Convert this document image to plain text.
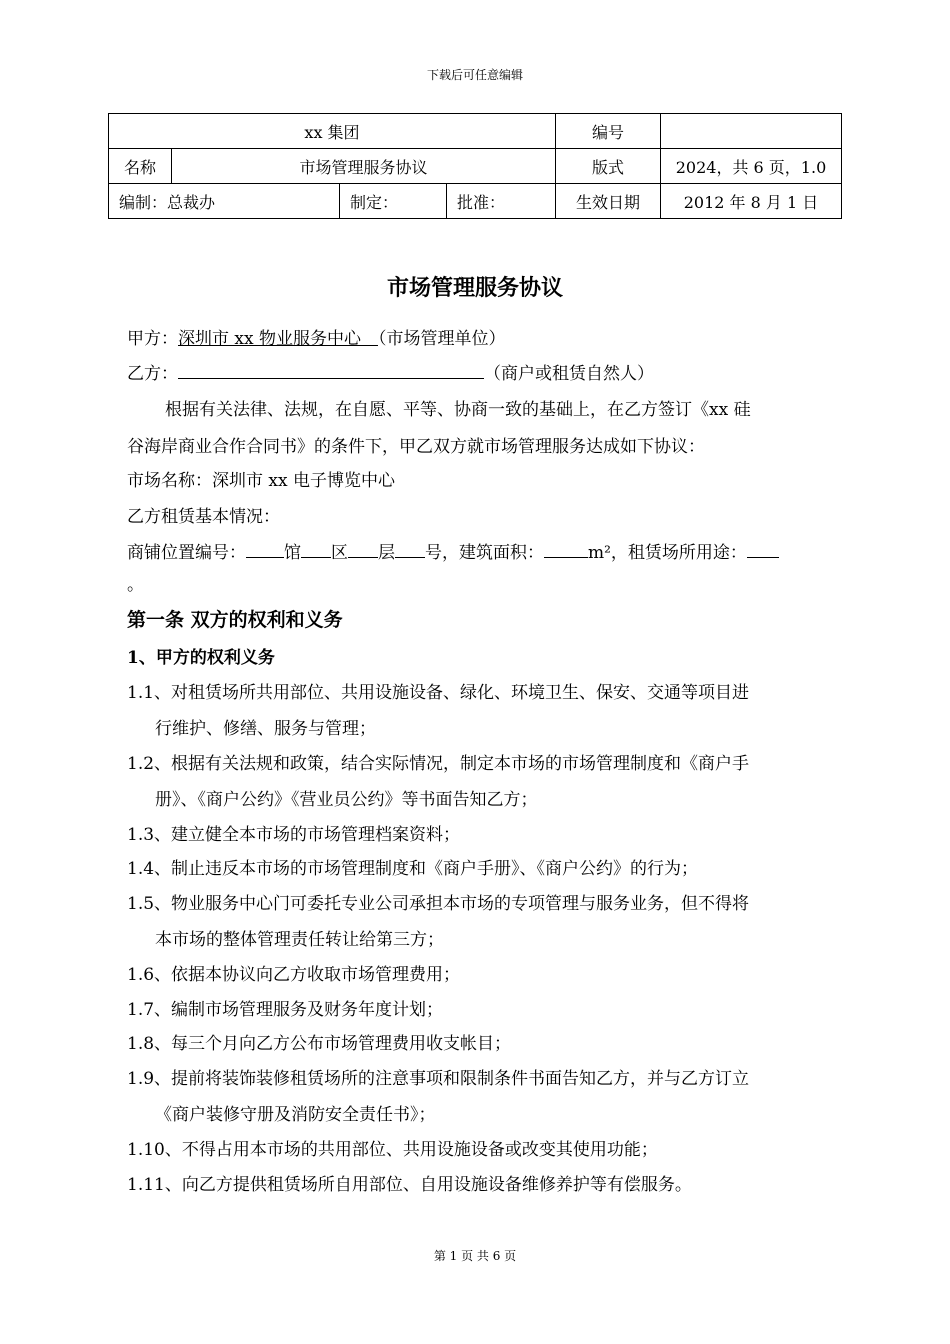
下载后可任意编辑
xx 集团				编号	
名称	市场管理服务协议			版式	2024，共 6 页，1.0
编制：总裁办		制定：	批准：	生效日期	2012 年 8 月 1 日
市场管理服务协议
甲方：深圳市 xx 物业服务中心　（市场管理单位）
乙方：	（商户或租赁自然人）
根据有关法律、法规，在自愿、平等、协商一致的基础上，在乙方签订《xx 硅
谷海岸商业合作合同书》的条件下，甲乙双方就市场管理服务达成如下协议：
市场名称：深圳市 xx 电子博览中心
乙方租赁基本情况：
商铺位置编号： 馆 区 层 号，建筑面积：	m²，租赁场所用途：
。
第一条 双方的权利和义务
1、甲方的权利义务
1.1、对租赁场所共用部位、共用设施设备、绿化、环境卫生、保安、交通等项目进
行维护、修缮、服务与管理；
1.2、根据有关法规和政策，结合实际情况，制定本市场的市场管理制度和《商户手
册》、《商户公约》《营业员公约》等书面告知乙方；
1.3、建立健全本市场的市场管理档案资料；
1.4、制止违反本市场的市场管理制度和《商户手册》、《商户公约》的行为；
1.5、物业服务中心门可委托专业公司承担本市场的专项管理与服务业务，但不得将
本市场的整体管理责任转让给第三方；
1.6、依据本协议向乙方收取市场管理费用；
1.7、编制市场管理服务及财务年度计划；
1.8、每三个月向乙方公布市场管理费用收支帐目；
1.9、提前将装饰装修租赁场所的注意事项和限制条件书面告知乙方，并与乙方订立
《商户装修守册及消防安全责任书》；
1.10、不得占用本市场的共用部位、共用设施设备或改变其使用功能；
1.11、向乙方提供租赁场所自用部位、自用设施设备维修养护等有偿服务。
第 1 页 共 6 页
